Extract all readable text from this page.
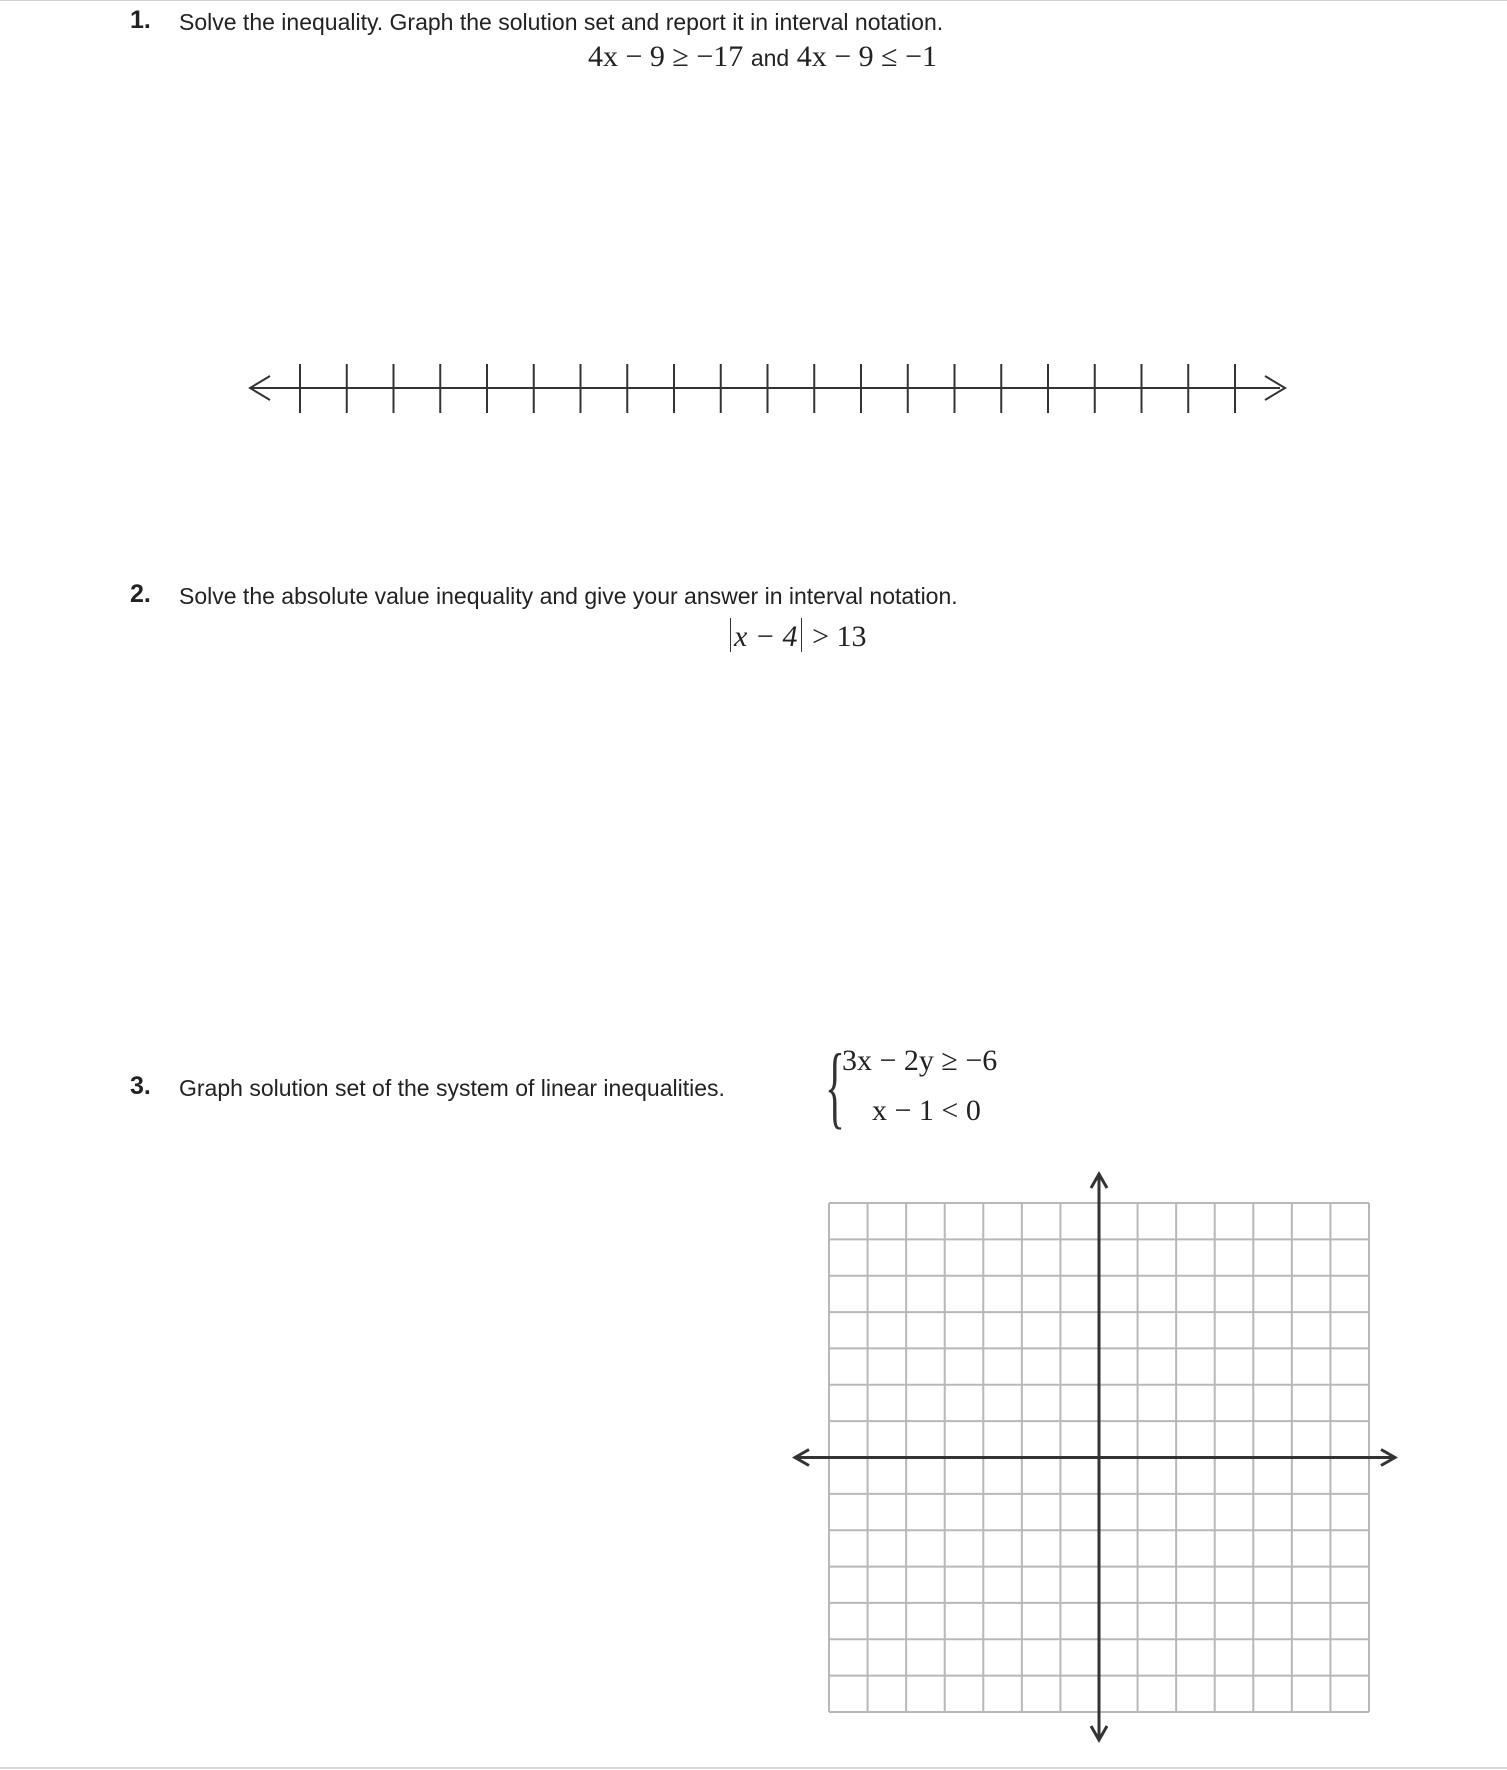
1. Solve the inequality. Graph the solution set and report it in interval notation.
4x − 9 ≥ −17 and 4x − 9 ≤ −1
2. Solve the absolute value inequality and give your answer in interval notation.
x − 4 > 13
3. Graph solution set of the system of linear inequalities. {
3x − 2y ≥ −6
x − 1 < 0
